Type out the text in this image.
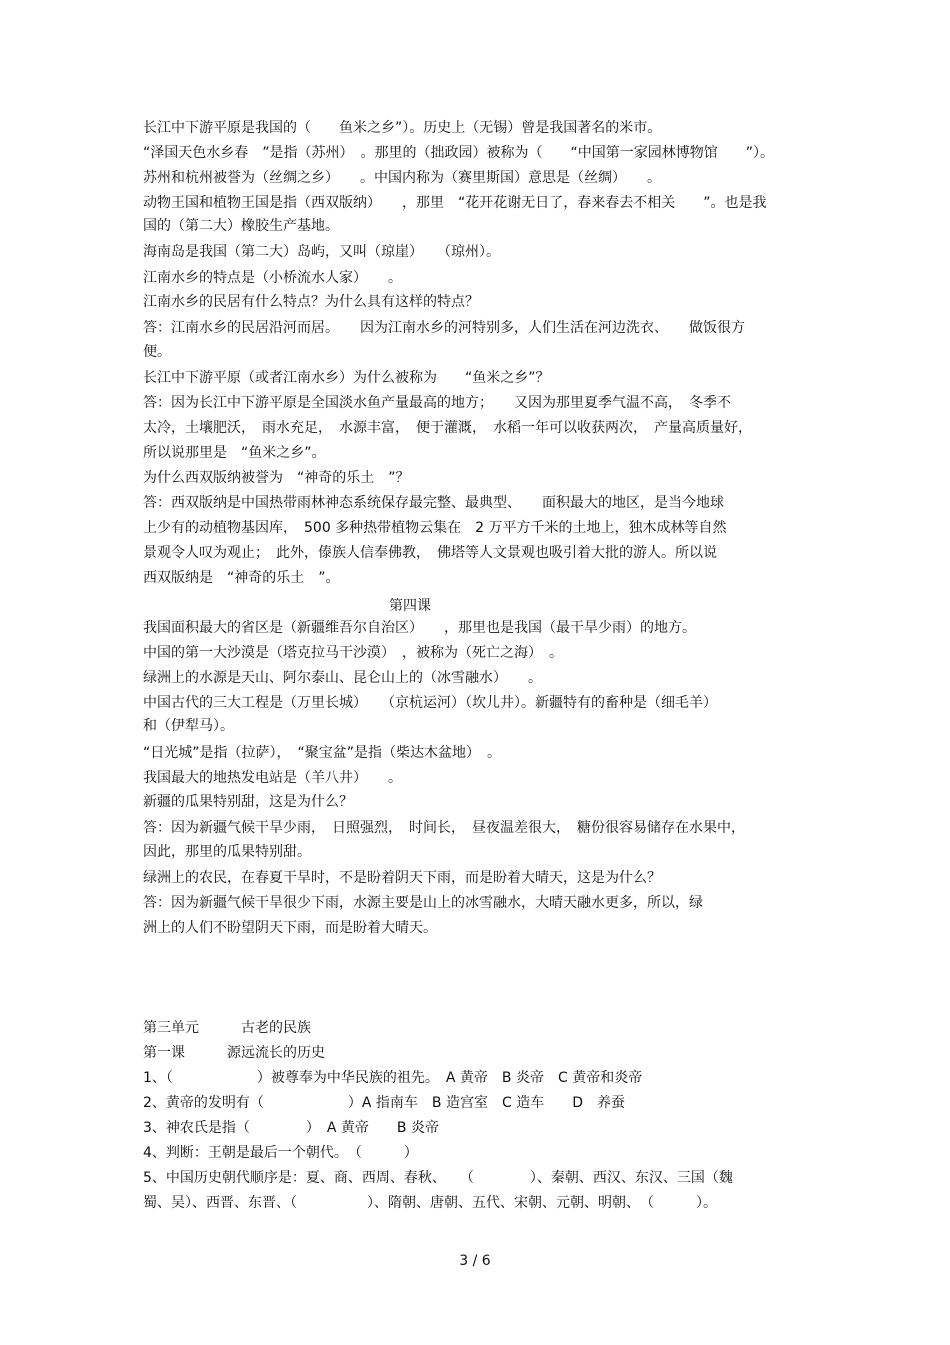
长江中下游平原是我国的（　　鱼米之乡”）。历史上（无锡）曾是我国著名的米市。
“泽国天色水乡春　”是指（苏州）　。那里的（拙政园）被称为（　　“中国第一家园林博物馆　　”）。
苏州和杭州被誉为（丝绸之乡）　　。中国内称为（赛里斯国）意思是（丝绸）　　。
动物王国和植物王国是指（西双版纳）　　，那里　“花开花谢无日了，春来春去不相关　　”。也是我
国的（第二大）橡胶生产基地。
海南岛是我国（第二大）岛屿，又叫（琼崖）　　（琼州）。
江南水乡的特点是（小桥流水人家）　　。
江南水乡的民居有什么特点？为什么具有这样的特点？
答：江南水乡的民居沿河而居。　　因为江南水乡的河特别多，人们生活在河边洗衣、　　做饭很方
便。
长江中下游平原（或者江南水乡）为什么被称为　　“鱼米之乡”？
答：因为长江中下游平原是全国淡水鱼产量最高的地方；　　又因为那里夏季气温不高，　冬季不
太冷，土壤肥沃，　雨水充足，　水源丰富，　便于灌溉，　水稻一年可以收获两次，　产量高质量好，
所以说那里是　“鱼米之乡”。
为什么西双版纳被誉为　“神奇的乐土　”？
答：西双版纳是中国热带雨林神态系统保存最完整、最典型、　　面积最大的地区，是当今地球
上少有的动植物基因库，　500 多种热带植物云集在　2 万平方千米的土地上，独木成林等自然
景观令人叹为观止；　此外，傣族人信奉佛教，　佛塔等人文景观也吸引着大批的游人。所以说
西双版纳是　“神奇的乐土　”。
第四课
我国面积最大的省区是（新疆维吾尔自治区）　　，那里也是我国（最干旱少雨）的地方。
中国的第一大沙漠是（塔克拉马干沙漠）　，被称为（死亡之海）　。
绿洲上的水源是天山、阿尔泰山、昆仑山上的（冰雪融水）　　。
中国古代的三大工程是（万里长城）　　（京杭运河）（坎儿井）。新疆特有的畜种是（细毛羊）
和（伊犁马）。
“日光城”是指（拉萨），　“聚宝盆”是指（柴达木盆地）　。
我国最大的地热发电站是（羊八井）　　。
新疆的瓜果特别甜，这是为什么？
答：因为新疆气候干旱少雨，　日照强烈，　时间长，　昼夜温差很大，　糖份很容易储存在水果中，
因此，那里的瓜果特别甜。
绿洲上的农民，在春夏干旱时，不是盼着阴天下雨，而是盼着大晴天，这是为什么？
答：因为新疆气候干旱很少下雨，水源主要是山上的冰雪融水，大晴天融水更多，所以，绿
洲上的人们不盼望阴天下雨，而是盼着大晴天。
第三单元　　　古老的民族
第一课　　　源远流长的历史
1、（　　　　　　）被尊奉为中华民族的祖先。　A 黄帝　B 炎帝　C 黄帝和炎帝
2、黄帝的发明有（　　　　　　）A 指南车　B 造宫室　C 造车　　D　养蚕
3、神农氏是指（　　　　）　A 黄帝　　B 炎帝
4、判断：王朝是最后一个朝代。　（　　　）
5、中国历史朝代顺序是：夏、商、西周、春秋、　　（　　　　）、秦朝、西汉、东汉、三国（魏
蜀、吴）、西晋、东晋、（　　　　　）、隋朝、唐朝、五代、宋朝、元朝、明朝、　（　　　）。
3 / 6
